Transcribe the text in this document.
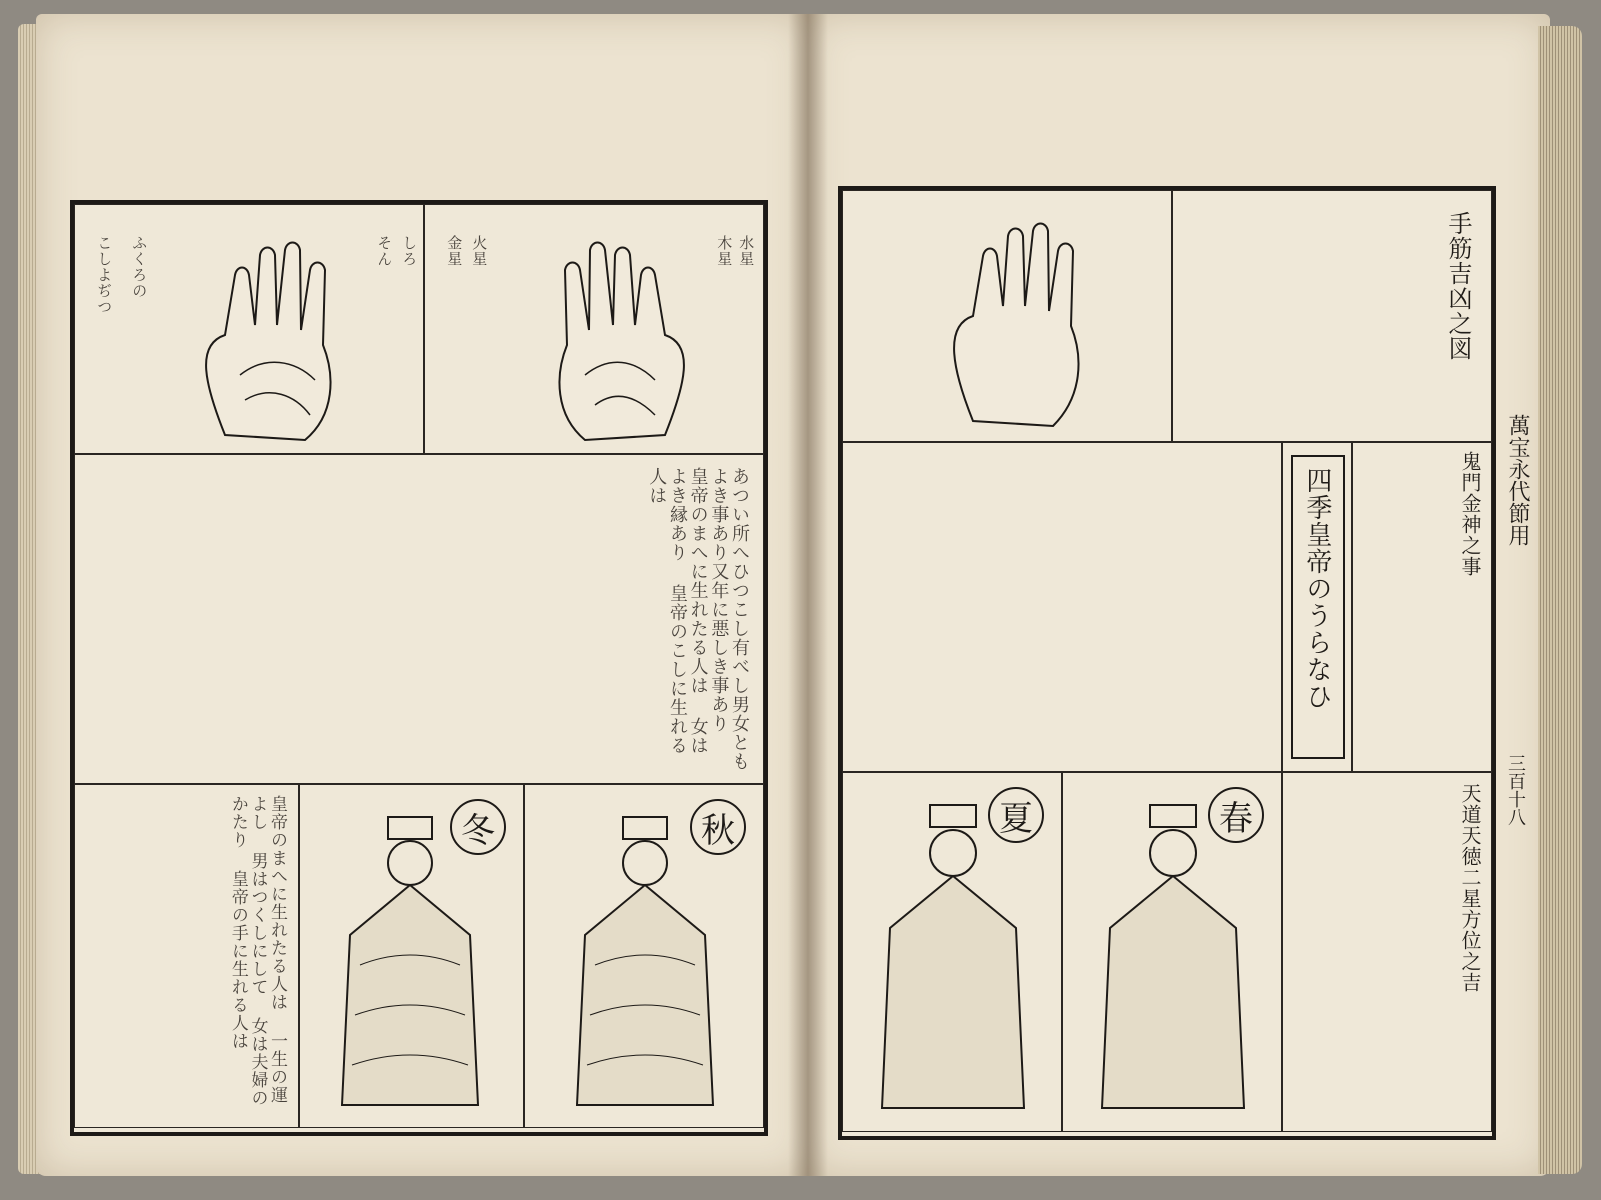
こしよぢつ ふくろの	そん しろ 金星 火星	木星 水星
あつい所へひつこし有べし男女とも よき事あり又年に悪しき事あり 皇帝のまへに生れたる人は 女はよき縁あり 皇帝のこしに生れる人は
皇帝のまへに生れたる人は 一生の運よし 男はつくしにして 女は夫婦のかたり 皇帝の手に生れる人は	冬	秋
手筋吉凶之図
四季皇帝のうらなひ	鬼門金神之事
夏	春	天道天徳二星方位之吉
萬宝永代節用
三百十八
